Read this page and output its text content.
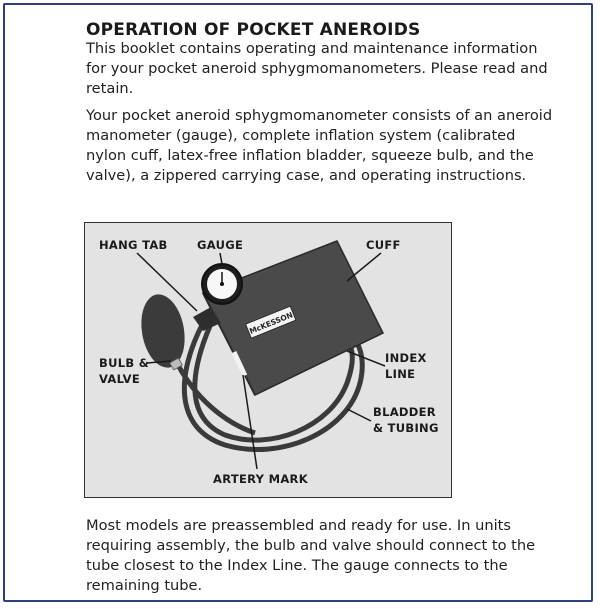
OPERATION OF POCKET ANEROIDS
This booklet contains operating and maintenance information for your pocket aneroid sphygmomanometers. Please read and retain.
Your pocket aneroid sphygmomanometer consists of an aneroid manometer (gauge), complete inflation system (calibrated nylon cuff, latex-free inflation bladder, squeeze bulb, and the valve), a zippered carrying case, and operating instructions.
McKESSON
HANG TAB	GAUGE	CUFF
BULB &
VALVE
INDEX
LINE
BLADDER
& TUBING
ARTERY MARK
Most models are preassembled and ready for use. In units requiring assembly, the bulb and valve should connect to the tube closest to the Index Line. The gauge connects to the remaining tube.
